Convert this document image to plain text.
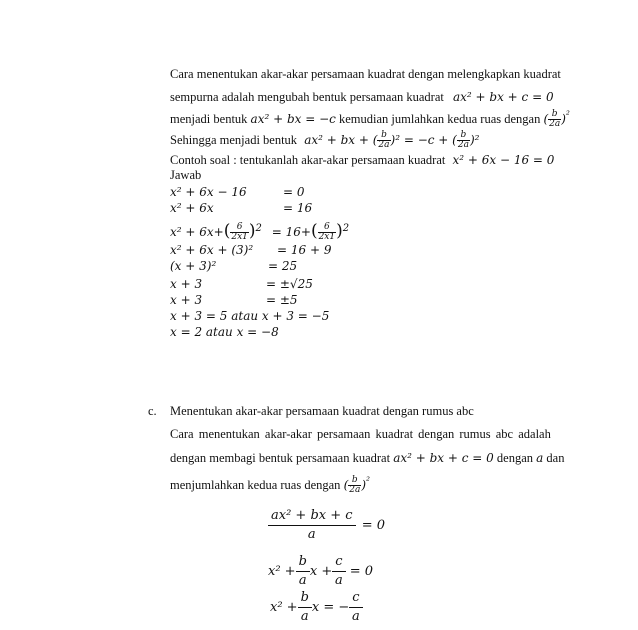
Cara menentukan akar-akar persamaan kuadrat dengan melengkapkan kuadrat
sempurna adalah mengubah bentuk persamaan kuadrat ax² + bx + c = 0
menjadi bentuk ax² + bx = −c kemudian jumlahkan kedua ruas dengan ( $\frac{b}{2a} )^{^2}$
Sehingga menjadi bentuk ax² + bx + ( $\frac{b}{2a} )^2 = -c$ + ( $\frac{b}{2a} )^2$
Contoh soal : tentukanlah akar-akar persamaan kuadrat x² + 6x − 16 = 0
Jawab
x² + 6x − 16	= 0
x² + 6x	= 16
$x^2 + 6x+( \frac{6}{2x1} )^2 = 16+( \frac{6}{2x1} )^2$
x² + 6x + (3)² = 16 + 9
(x + 3)²	= 25
x + 3	= ±√25
x + 3	= ±5
x + 3 = 5 atau x + 3 = −5
x = 2 atau x = −8
c. Menentukan akar-akar persamaan kuadrat dengan rumus abc
Cara menentukan akar-akar persamaan kuadrat dengan rumus abc adalah
dengan membagi bentuk persamaan kuadrat ax² + bx + c = 0 dengan a dan
menjumlahkan kedua ruas dengan ( $\frac{b}{2a} )^{^2}$
$\frac{\text{ax² + bx + c}}{a} = 0$
$x^2 + \frac{b}{a}$ $x + \frac{c}{a} = 0$
$x^2 + \frac{b}{a}$ x = − $\frac{c}{a}$
